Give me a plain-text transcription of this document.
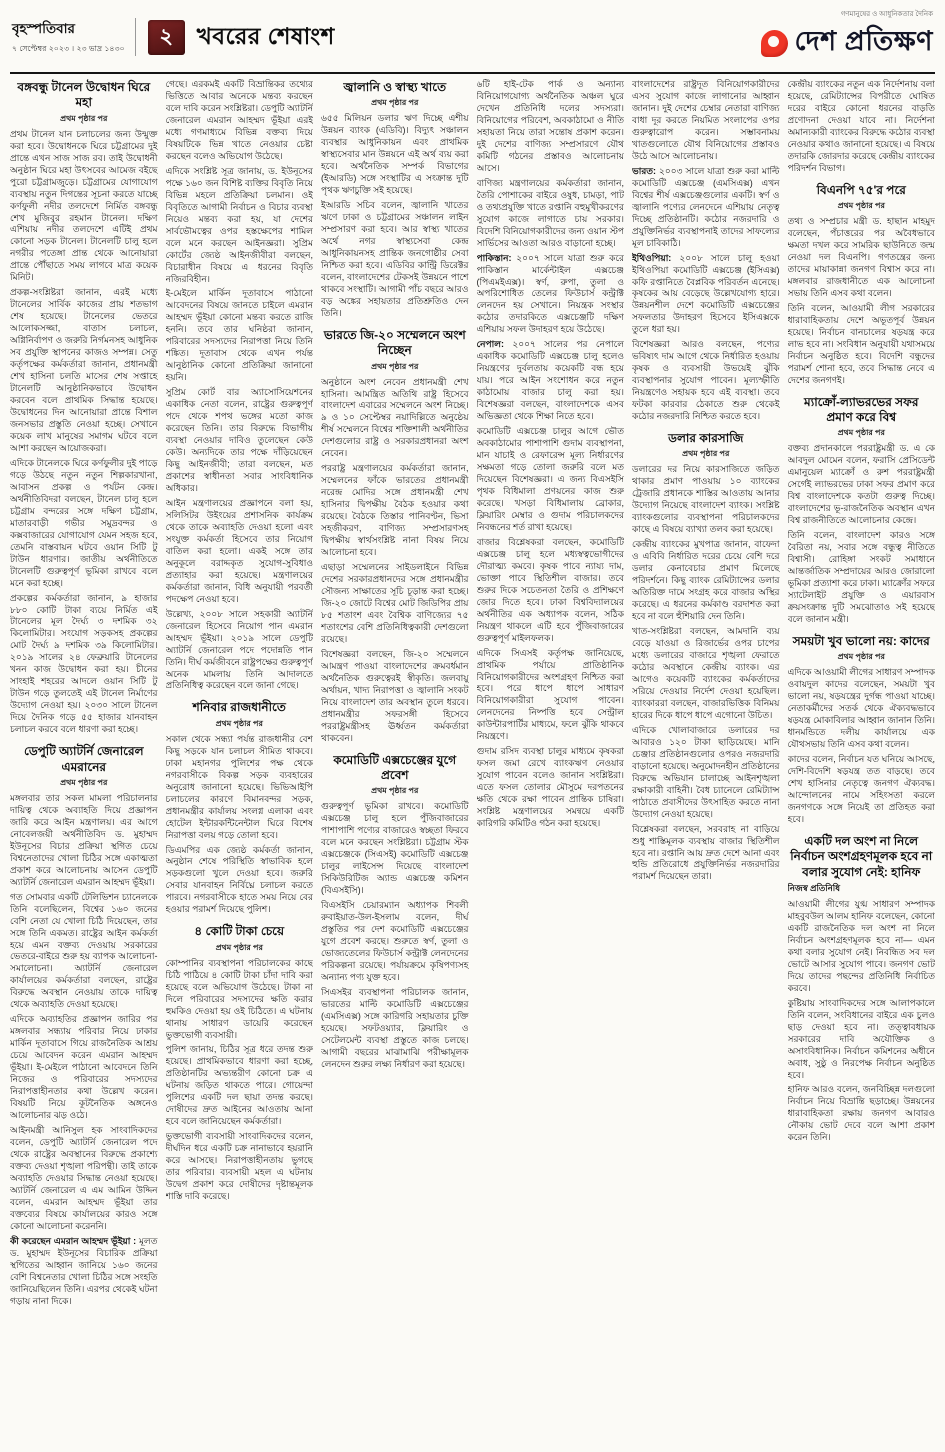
বৃহস্পতিবার
৭ সেপ্টেম্বর ২০২৩ । ২৩ ভাদ্র ১৪৩০
২ খবরের শেষাংশ
গণমানুষের ও আধুনিকতার দৈনিক
দেশ প্রতিক্ষণ
বঙ্গবন্ধু টানেল উদ্বোধন ঘিরে মহা
প্রথম পৃষ্ঠার পর

প্রথম টানেল যান চলাচলের জন্য উন্মুক্ত করা হবে। উদ্বোধনকে ঘিরে চট্টগ্রামের দুই প্রান্তে এখন সাজ সাজ রব। তাই উদ্বোধনী অনুষ্ঠান ঘিরে মহা উৎসবের আমেজ বইছে পুরো চট্টগ্রামজুড়ে। চট্টগ্রামের যোগাযোগ ব্যবস্থায় নতুন দিগন্তের সূচনা করতে যাচ্ছে কর্ণফুলী নদীর তলদেশে নির্মিত বঙ্গবন্ধু শেখ মুজিবুর রহমান টানেল। দক্ষিণ এশিয়ায় নদীর তলদেশে এটিই প্রথম কোনো সড়ক টানেল। টানেলটি চালু হলে নগরীর পতেঙ্গা প্রান্ত থেকে আনোয়ারা প্রান্তে পৌঁছাতে সময় লাগবে মাত্র কয়েক মিনিট।

প্রকল্প-সংশ্লিষ্টরা জানান, এরই মধ্যে টানেলের সার্বিক কাজের প্রায় শতভাগ শেষ হয়েছে। টানেলের ভেতরে আলোকসজ্জা, বাতাস চলাচল, অগ্নিনির্বাপণ ও জরুরি নির্গমনসহ আধুনিক সব প্রযুক্তি স্থাপনের কাজও সম্পন্ন। সেতু কর্তৃপক্ষের কর্মকর্তারা জানান, প্রধানমন্ত্রী শেখ হাসিনা চলতি মাসের শেষ সপ্তাহে টানেলটি আনুষ্ঠানিকভাবে উদ্বোধন করবেন বলে প্রাথমিক সিদ্ধান্ত হয়েছে। উদ্বোধনের দিন আনোয়ারা প্রান্তে বিশাল জনসভার প্রস্তুতি নেওয়া হচ্ছে। সেখানে কয়েক লাখ মানুষের সমাগম ঘটবে বলে আশা করছেন আয়োজকরা।

এদিকে টানেলকে ঘিরে কর্ণফুলীর দুই পাড়ে গড়ে উঠছে নতুন নতুন শিল্পকারখানা, আবাসন প্রকল্প ও পর্যটন কেন্দ্র। অর্থনীতিবিদরা বলছেন, টানেল চালু হলে চট্টগ্রাম বন্দরের সঙ্গে দক্ষিণ চট্টগ্রাম, মাতারবাড়ী গভীর সমুদ্রবন্দর ও কক্সবাজারের যোগাযোগ যেমন সহজ হবে, তেমনি বাস্তবায়ন ঘটবে ওয়ান সিটি টু টাউন ধারণার। জাতীয় অর্থনীতিতে টানেলটি গুরুত্বপূর্ণ ভূমিকা রাখবে বলে মনে করা হচ্ছে।

প্রকল্পের কর্মকর্তারা জানান, ৯ হাজার ৮৮০ কোটি টাকা ব্যয়ে নির্মিত এই টানেলের মূল দৈর্ঘ্য ৩ দশমিক ৩২ কিলোমিটার। সংযোগ সড়কসহ প্রকল্পের মোট দৈর্ঘ্য ৯ দশমিক ৩৯ কিলোমিটার। ২০১৯ সালের ২৪ ফেব্রুয়ারি টানেলের খনন কাজ উদ্বোধন করা হয়। চীনের সাংহাই শহরের আদলে ওয়ান সিটি টু টাউন গড়ে তুলতেই এই টানেল নির্মাণের উদ্যোগ নেওয়া হয়। ২০৩০ সালে টানেল দিয়ে দৈনিক গড়ে ৫৫ হাজার যানবাহন চলাচল করবে বলে ধারণা করা হচ্ছে।

ডেপুটি অ্যাটর্নি জেনারেল এমরানের
প্রথম পৃষ্ঠার পর

মঙ্গলবার তার সকল মামলা পরিচালনার দায়িত্ব থেকে অব্যাহতি দিয়ে প্রজ্ঞাপন জারি করে আইন মন্ত্রণালয়। এর আগে নোবেলজয়ী অর্থনীতিবিদ ড. মুহাম্মদ ইউনূসের বিচার প্রক্রিয়া স্থগিত চেয়ে বিশ্বনেতাদের খোলা চিঠির সঙ্গে একাত্মতা প্রকাশ করে আলোচনায় আসেন ডেপুটি অ্যাটর্নি জেনারেল এমরান আহম্মদ ভূঁইয়া।

গত সোমবার একটি টেলিভিশন চ্যানেলকে তিনি বলেছিলেন, বিশ্বের ১৬০ জনের বেশি নেতা যে খোলা চিঠি দিয়েছেন, তার সঙ্গে তিনি একমত। রাষ্ট্রের আইন কর্মকর্তা হয়ে এমন বক্তব্য দেওয়ায় সরকারের ভেতরে-বাইরে শুরু হয় ব্যাপক আলোচনা-সমালোচনা। অ্যাটর্নি জেনারেল কার্যালয়ের কর্মকর্তারা বলছেন, রাষ্ট্রের বিরুদ্ধে অবস্থান নেওয়ায় তাকে দায়িত্ব থেকে অব্যাহতি দেওয়া হয়েছে।

এদিকে অব্যাহতির প্রজ্ঞাপন জারির পর মঙ্গলবার সন্ধ্যায় পরিবার নিয়ে ঢাকার মার্কিন দূতাবাসে গিয়ে রাজনৈতিক আশ্রয় চেয়ে আবেদন করেন এমরান আহম্মদ ভূঁইয়া। ই-মেইলে পাঠানো আবেদনে তিনি নিজের ও পরিবারের সদস্যদের নিরাপত্তাহীনতার কথা উল্লেখ করেন। বিষয়টি নিয়ে কূটনৈতিক অঙ্গনেও আলোচনার ঝড় ওঠে।

আইনমন্ত্রী আনিসুল হক সাংবাদিকদের বলেন, ডেপুটি অ্যাটর্নি জেনারেল পদে থেকে রাষ্ট্রের অবস্থানের বিরুদ্ধে প্রকাশ্যে বক্তব্য দেওয়া শৃঙ্খলা পরিপন্থী। তাই তাকে অব্যাহতি দেওয়ার সিদ্ধান্ত নেওয়া হয়েছে। অ্যাটর্নি জেনারেল এ এম আমিন উদ্দিন বলেন, এমরান আহম্মদ ভূঁইয়া তার বক্তব্যের বিষয়ে কার্যালয়ের কারও সঙ্গে কোনো আলোচনা করেননি।

কী করেছেন এমরান আহম্মদ ভূঁইয়া : মূলত ড. মুহাম্মদ ইউনূসের বিচারিক প্রক্রিয়া স্থগিতের আহ্বান জানিয়ে ১৬০ জনের বেশি বিশ্বনেতার খোলা চিঠির সঙ্গে সংহতি জানিয়েছিলেন তিনি। এরপর থেকেই ঘটনা গড়ায় নানা দিকে।

গেছে। এরকমই একটি বিভ্রান্তিকর তথ্যের ভিত্তিতে আবার অনেকে মন্তব্য করছেন বলে দাবি করেন সংশ্লিষ্টরা। ডেপুটি অ্যাটর্নি জেনারেল এমরান আহম্মদ ভূঁইয়া এরই মধ্যে গণমাধ্যমে বিভিন্ন বক্তব্য দিয়ে বিষয়টিকে ভিন্ন খাতে নেওয়ার চেষ্টা করছেন বলেও অভিযোগ উঠেছে।

এদিকে সংশ্লিষ্ট সূত্র জানায়, ড. ইউনূসের পক্ষে ১৬০ জন বিশিষ্ট ব্যক্তির বিবৃতি নিয়ে বিভিন্ন মহলে প্রতিক্রিয়া চলমান। ওই বিবৃতিতে আগামী নির্বাচন ও বিচার ব্যবস্থা নিয়েও মন্তব্য করা হয়, যা দেশের সার্বভৌমত্বের ওপর হস্তক্ষেপের শামিল বলে মনে করছেন আইনজ্ঞরা। সুপ্রিম কোর্টের জ্যেষ্ঠ আইনজীবীরা বলছেন, বিচারাধীন বিষয়ে এ ধরনের বিবৃতি নজিরবিহীন।

ই-মেইলে মার্কিন দূতাবাসে পাঠানো আবেদনের বিষয়ে জানতে চাইলে এমরান আহম্মদ ভূঁইয়া কোনো মন্তব্য করতে রাজি হননি। তবে তার ঘনিষ্ঠরা জানান, পরিবারের সদস্যদের নিরাপত্তা নিয়ে তিনি শঙ্কিত। দূতাবাস থেকে এখন পর্যন্ত আনুষ্ঠানিক কোনো প্রতিক্রিয়া জানানো হয়নি।

সুপ্রিম কোর্ট বার অ্যাসোসিয়েশনের একাধিক নেতা বলেন, রাষ্ট্রের গুরুত্বপূর্ণ পদে থেকে শপথ ভঙ্গের মতো কাজ করেছেন তিনি। তার বিরুদ্ধে বিভাগীয় ব্যবস্থা নেওয়ার দাবিও তুলেছেন কেউ কেউ। অন্যদিকে তার পক্ষে দাঁড়িয়েছেন কিছু আইনজীবী; তারা বলছেন, মত প্রকাশের স্বাধীনতা সবার সাংবিধানিক অধিকার।

আইন মন্ত্রণালয়ের প্রজ্ঞাপনে বলা হয়, সলিসিটর উইংয়ের প্রশাসনিক কার্যক্রম থেকে তাকে অব্যাহতি দেওয়া হলো এবং সংযুক্ত কর্মকর্তা হিসেবে তার নিয়োগ বাতিল করা হলো। একই সঙ্গে তার অনুকূলে বরাদ্দকৃত সুযোগ-সুবিধাও প্রত্যাহার করা হয়েছে। মন্ত্রণালয়ের কর্মকর্তারা জানান, বিধি অনুযায়ী পরবর্তী পদক্ষেপ নেওয়া হবে।

উল্লেখ্য, ২০০৮ সালে সহকারী অ্যাটর্নি জেনারেল হিসেবে নিয়োগ পান এমরান আহম্মদ ভূঁইয়া। ২০১৯ সালে ডেপুটি অ্যাটর্নি জেনারেল পদে পদোন্নতি পান তিনি। দীর্ঘ কর্মজীবনে রাষ্ট্রপক্ষের গুরুত্বপূর্ণ অনেক মামলায় তিনি আদালতে প্রতিনিধিত্ব করেছেন বলে জানা গেছে।

শনিবার রাজধানীতে
প্রথম পৃষ্ঠার পর

সকাল থেকে সন্ধ্যা পর্যন্ত রাজধানীর বেশ কিছু সড়কে যান চলাচল সীমিত থাকবে। ঢাকা মহানগর পুলিশের পক্ষ থেকে নগরবাসীকে বিকল্প সড়ক ব্যবহারের অনুরোধ জানানো হয়েছে। ভিভিআইপি চলাচলের কারণে বিমানবন্দর সড়ক, প্রধানমন্ত্রীর কার্যালয় সংলগ্ন এলাকা এবং হোটেল ইন্টারকন্টিনেন্টাল ঘিরে বিশেষ নিরাপত্তা বলয় গড়ে তোলা হবে।

ডিএমপির এক জ্যেষ্ঠ কর্মকর্তা জানান, অনুষ্ঠান শেষে পরিস্থিতি স্বাভাবিক হলে সড়কগুলো খুলে দেওয়া হবে। জরুরি সেবার যানবাহন নির্বিঘ্নে চলাচল করতে পারবে। নগরবাসীকে হাতে সময় নিয়ে বের হওয়ার পরামর্শ দিয়েছে পুলিশ।

৪ কোটি টাকা চেয়ে
প্রথম পৃষ্ঠার পর

কোম্পানির ব্যবস্থাপনা পরিচালকের কাছে চিঠি পাঠিয়ে ৪ কোটি টাকা চাঁদা দাবি করা হয়েছে বলে অভিযোগ উঠেছে। টাকা না দিলে পরিবারের সদস্যদের ক্ষতি করার হুমকিও দেওয়া হয় ওই চিঠিতে। এ ঘটনায় থানায় সাধারণ ডায়েরি করেছেন ভুক্তভোগী ব্যবসায়ী।

পুলিশ জানায়, চিঠির সূত্র ধরে তদন্ত শুরু হয়েছে। প্রাথমিকভাবে ধারণা করা হচ্ছে, প্রতিষ্ঠানটির অভ্যন্তরীণ কোনো চক্র এ ঘটনায় জড়িত থাকতে পারে। গোয়েন্দা পুলিশের একটি দল ছায়া তদন্ত করছে। দোষীদের দ্রুত আইনের আওতায় আনা হবে বলে জানিয়েছেন কর্মকর্তারা।

ভুক্তভোগী ব্যবসায়ী সাংবাদিকদের বলেন, দীর্ঘদিন ধরে একটি চক্র নানাভাবে হয়রানি করে আসছে। নিরাপত্তাহীনতায় ভুগছে তার পরিবার। ব্যবসায়ী মহল এ ঘটনায় উদ্বেগ প্রকাশ করে দোষীদের দৃষ্টান্তমূলক শাস্তি দাবি করেছে।

জ্বালানি ও স্বাস্থ্য খাতে
প্রথম পৃষ্ঠার পর

৬৫৫ মিলিয়ন ডলার ঋণ দিচ্ছে এশীয় উন্নয়ন ব্যাংক (এডিবি)। বিদ্যুৎ সঞ্চালন ব্যবস্থার আধুনিকায়ন এবং প্রাথমিক স্বাস্থ্যসেবার মান উন্নয়নে এই অর্থ ব্যয় করা হবে। অর্থনৈতিক সম্পর্ক বিভাগের (ইআরডি) সঙ্গে সংস্থাটির এ সংক্রান্ত দুটি পৃথক ঋণচুক্তি সই হয়েছে।

ইআরডি সচিব বলেন, জ্বালানি খাতের ঋণে ঢাকা ও চট্টগ্রামের সঞ্চালন লাইন সম্প্রসারণ করা হবে। আর স্বাস্থ্য খাতের অর্থে নগর স্বাস্থ্যসেবা কেন্দ্র আধুনিকায়নসহ প্রান্তিক জনগোষ্ঠীর সেবা নিশ্চিত করা হবে। এডিবির কান্ট্রি ডিরেক্টর বলেন, বাংলাদেশের টেকসই উন্নয়নে পাশে থাকবে সংস্থাটি। আগামী পাঁচ বছরে আরও বড় অঙ্কের সহায়তার প্রতিশ্রুতিও দেন তিনি।

ভারতে জি-২০ সম্মেলনে অংশ নিচ্ছেন
প্রথম পৃষ্ঠার পর

অনুষ্ঠানে অংশ নেবেন প্রধানমন্ত্রী শেখ হাসিনা। আমন্ত্রিত অতিথি রাষ্ট্র হিসেবে বাংলাদেশ এবারের সম্মেলনে অংশ নিচ্ছে। ৯ ও ১০ সেপ্টেম্বর নয়াদিল্লিতে অনুষ্ঠেয় শীর্ষ সম্মেলনে বিশ্বের শক্তিশালী অর্থনীতির দেশগুলোর রাষ্ট্র ও সরকারপ্রধানরা অংশ নেবেন।

পররাষ্ট্র মন্ত্রণালয়ের কর্মকর্তারা জানান, সম্মেলনের ফাঁকে ভারতের প্রধানমন্ত্রী নরেন্দ্র মোদির সঙ্গে প্রধানমন্ত্রী শেখ হাসিনার দ্বিপক্ষীয় বৈঠক হওয়ার কথা রয়েছে। বৈঠকে তিস্তার পানিবণ্টন, ভিসা সহজীকরণ, বাণিজ্য সম্প্রসারণসহ দ্বিপক্ষীয় স্বার্থসংশ্লিষ্ট নানা বিষয় নিয়ে আলোচনা হবে।

এছাড়া সম্মেলনের সাইডলাইনে বিভিন্ন দেশের সরকারপ্রধানদের সঙ্গে প্রধানমন্ত্রীর সৌজন্য সাক্ষাতের সূচি চূড়ান্ত করা হচ্ছে। জি-২০ জোটে বিশ্বের মোট জিডিপির প্রায় ৮৫ শতাংশ এবং বৈশ্বিক বাণিজ্যের ৭৫ শতাংশের বেশি প্রতিনিধিত্বকারী দেশগুলো রয়েছে।

বিশেষজ্ঞরা বলছেন, জি-২০ সম্মেলনে আমন্ত্রণ পাওয়া বাংলাদেশের ক্রমবর্ধমান অর্থনৈতিক গুরুত্বেরই স্বীকৃতি। জলবায়ু অর্থায়ন, খাদ্য নিরাপত্তা ও জ্বালানি সংকট নিয়ে বাংলাদেশ তার অবস্থান তুলে ধরবে। প্রধানমন্ত্রীর সফরসঙ্গী হিসেবে পররাষ্ট্রমন্ত্রীসহ ঊর্ধ্বতন কর্মকর্তারা থাকবেন।

কমোডিটি এক্সচেঞ্জের যুগে প্রবেশ
প্রথম পৃষ্ঠার পর

গুরুত্বপূর্ণ ভূমিকা রাখবে। কমোডিটি এক্সচেঞ্জ চালু হলে পুঁজিবাজারের পাশাপাশি পণ্যের বাজারেও স্বচ্ছতা ফিরবে বলে মনে করছেন সংশ্লিষ্টরা। চট্টগ্রাম স্টক এক্সচেঞ্জকে (সিএসই) কমোডিটি এক্সচেঞ্জ চালুর লাইসেন্স দিয়েছে বাংলাদেশ সিকিউরিটিজ অ্যান্ড এক্সচেঞ্জ কমিশন (বিএসইসি)।

বিএসইসি চেয়ারম্যান অধ্যাপক শিবলী রুবাইয়াত-উল-ইসলাম বলেন, দীর্ঘ প্রস্তুতির পর দেশ কমোডিটি এক্সচেঞ্জের যুগে প্রবেশ করছে। শুরুতে স্বর্ণ, তুলা ও ভোজ্যতেলের ফিউচার্স কন্ট্রাক্ট লেনদেনের পরিকল্পনা রয়েছে। পর্যায়ক্রমে কৃষিপণ্যসহ অন্যান্য পণ্য যুক্ত হবে।

সিএসইর ব্যবস্থাপনা পরিচালক জানান, ভারতের মাল্টি কমোডিটি এক্সচেঞ্জের (এমসিএক্স) সঙ্গে কারিগরি সহায়তার চুক্তি হয়েছে। সফটওয়্যার, ক্লিয়ারিং ও সেটেলমেন্ট ব্যবস্থা প্রস্তুতে কাজ চলছে। আগামী বছরের মাঝামাঝি পরীক্ষামূলক লেনদেন শুরুর লক্ষ্য নির্ধারণ করা হয়েছে।

৬টি হাই-টেক পার্ক ও অন্যান্য বিনিয়োগযোগ্য অর্থনৈতিক অঞ্চল ঘুরে দেখেন প্রতিনিধি দলের সদস্যরা। বিনিয়োগের পরিবেশ, অবকাঠামো ও নীতি সহায়তা নিয়ে তারা সন্তোষ প্রকাশ করেন। দুই দেশের বাণিজ্য সম্প্রসারণে যৌথ কমিটি গঠনের প্রস্তাবও আলোচনায় আসে।

বাণিজ্য মন্ত্রণালয়ের কর্মকর্তারা জানান, তৈরি পোশাকের বাইরে ওষুধ, চামড়া, পাট ও তথ্যপ্রযুক্তি খাতে রপ্তানি বহুমুখীকরণের সুযোগ কাজে লাগাতে চায় সরকার। বিদেশি বিনিয়োগকারীদের জন্য ওয়ান স্টপ সার্ভিসের আওতা আরও বাড়ানো হচ্ছে।

পাকিস্তান: ২০০৭ সালে যাত্রা শুরু করে পাকিস্তান মার্কেন্টাইল এক্সচেঞ্জ (পিএমইএক্স)। স্বর্ণ, রুপা, তুলা ও অপরিশোধিত তেলের ফিউচার্স কন্ট্রাক্ট লেনদেন হয় সেখানে। নিয়ন্ত্রক সংস্থার কঠোর তদারকিতে এক্সচেঞ্জটি দক্ষিণ এশিয়ায় সফল উদাহরণ হয়ে উঠেছে।

নেপাল: ২০০৭ সালের পর নেপালে একাধিক কমোডিটি এক্সচেঞ্জ চালু হলেও নিয়ন্ত্রণের দুর্বলতায় কয়েকটি বন্ধ হয়ে যায়। পরে আইন সংশোধন করে নতুন কাঠামোয় বাজার চালু করা হয়। বিশেষজ্ঞরা বলছেন, বাংলাদেশকে এসব অভিজ্ঞতা থেকে শিক্ষা নিতে হবে।

কমোডিটি এক্সচেঞ্জ চালুর আগে ভৌত অবকাঠামোর পাশাপাশি গুদাম ব্যবস্থাপনা, মান যাচাই ও রেফারেন্স মূল্য নির্ধারণের সক্ষমতা গড়ে তোলা জরুরি বলে মত দিয়েছেন বিশেষজ্ঞরা। এ জন্য বিএসইসি পৃথক বিধিমালা প্রণয়নের কাজ শুরু করেছে। খসড়া বিধিমালায় ব্রোকার, ক্লিয়ারিং মেম্বার ও গুদাম পরিচালকদের নিবন্ধনের শর্ত রাখা হয়েছে।

বাজার বিশ্লেষকরা বলছেন, কমোডিটি এক্সচেঞ্জ চালু হলে মধ্যস্বত্বভোগীদের দৌরাত্ম্য কমবে। কৃষক পাবে ন্যায্য দাম, ভোক্তা পাবে স্থিতিশীল বাজার। তবে শুরুর দিকে সচেতনতা তৈরি ও প্রশিক্ষণে জোর দিতে হবে। ঢাকা বিশ্ববিদ্যালয়ের অর্থনীতির এক অধ্যাপক বলেন, সঠিক নিয়ন্ত্রণ থাকলে এটি হবে পুঁজিবাজারের গুরুত্বপূর্ণ মাইলফলক।

এদিকে সিএসই কর্তৃপক্ষ জানিয়েছে, প্রাথমিক পর্যায়ে প্রাতিষ্ঠানিক বিনিয়োগকারীদের অংশগ্রহণ নিশ্চিত করা হবে। পরে ধাপে ধাপে সাধারণ বিনিয়োগকারীরা সুযোগ পাবেন। লেনদেনের নিষ্পত্তি হবে সেন্ট্রাল কাউন্টারপার্টির মাধ্যমে, ফলে ঝুঁকি থাকবে নিয়ন্ত্রণে।

গুদাম রসিদ ব্যবস্থা চালুর মাধ্যমে কৃষকরা ফসল জমা রেখে ব্যাংকঋণ নেওয়ার সুযোগ পাবেন বলেও জানান সংশ্লিষ্টরা। এতে ফসল তোলার মৌসুমে দরপতনের ক্ষতি থেকে রক্ষা পাবেন প্রান্তিক চাষিরা। সংশ্লিষ্ট মন্ত্রণালয়ের সমন্বয়ে একটি কারিগরি কমিটিও গঠন করা হয়েছে।

বাংলাদেশের রাষ্ট্রদূত বিনিয়োগকারীদের এসব সুযোগ কাজে লাগানোর আহ্বান জানান। দুই দেশের চেম্বার নেতারা বাণিজ্য বাধা দূর করতে নিয়মিত সংলাপের ওপর গুরুত্বারোপ করেন। সম্ভাবনাময় খাতগুলোতে যৌথ বিনিয়োগের প্রস্তাবও উঠে আসে আলোচনায়।

ভারত: ২০০৩ সালে যাত্রা শুরু করা মাল্টি কমোডিটি এক্সচেঞ্জ (এমসিএক্স) এখন বিশ্বের শীর্ষ এক্সচেঞ্জগুলোর একটি। স্বর্ণ ও জ্বালানি পণ্যের লেনদেনে এশিয়ায় নেতৃত্ব দিচ্ছে প্রতিষ্ঠানটি। কঠোর নজরদারি ও প্রযুক্তিনির্ভর ব্যবস্থাপনাই তাদের সাফল্যের মূল চাবিকাঠি।

ইথিওপিয়া: ২০০৮ সালে চালু হওয়া ইথিওপিয়া কমোডিটি এক্সচেঞ্জ (ইসিএক্স) কফি রপ্তানিতে বৈপ্লবিক পরিবর্তন এনেছে। কৃষকের আয় বেড়েছে উল্লেখযোগ্য হারে। উন্নয়নশীল দেশে কমোডিটি এক্সচেঞ্জের সফলতার উদাহরণ হিসেবে ইসিএক্সকে তুলে ধরা হয়।

বিশেষজ্ঞরা আরও বলছেন, পণ্যের ভবিষ্যৎ দাম আগে থেকে নির্ধারিত হওয়ায় কৃষক ও ব্যবসায়ী উভয়েই ঝুঁকি ব্যবস্থাপনার সুযোগ পাবেন। মূল্যস্ফীতি নিয়ন্ত্রণেও সহায়ক হবে এই ব্যবস্থা। তবে ফটকা কারবার ঠেকাতে শুরু থেকেই কঠোর নজরদারি নিশ্চিত করতে হবে।

ডলার কারসাজি
প্রথম পৃষ্ঠার পর

ডলারের দর নিয়ে কারসাজিতে জড়িত থাকার প্রমাণ পাওয়ায় ১০ ব্যাংকের ট্রেজারি প্রধানকে শাস্তির আওতায় আনার উদ্যোগ নিয়েছে বাংলাদেশ ব্যাংক। সংশ্লিষ্ট ব্যাংকগুলোর ব্যবস্থাপনা পরিচালকদের কাছে এ বিষয়ে ব্যাখ্যা তলব করা হয়েছে।

কেন্দ্রীয় ব্যাংকের মুখপাত্র জানান, বাফেদা ও এবিবি নির্ধারিত দরের চেয়ে বেশি দরে ডলার কেনাবেচার প্রমাণ মিলেছে পরিদর্শনে। কিছু ব্যাংক রেমিট্যান্সের ডলার অতিরিক্ত দামে সংগ্রহ করে বাজার অস্থির করেছে। এ ধরনের কর্মকাণ্ড বরদাশত করা হবে না বলে হুঁশিয়ারি দেন তিনি।

খাত-সংশ্লিষ্টরা বলছেন, আমদানি ব্যয় বেড়ে যাওয়া ও রিজার্ভের ওপর চাপের মধ্যে ডলারের বাজারে শৃঙ্খলা ফেরাতে কঠোর অবস্থানে কেন্দ্রীয় ব্যাংক। এর আগেও কয়েকটি ব্যাংকের কর্মকর্তাদের সরিয়ে দেওয়ার নির্দেশ দেওয়া হয়েছিল। ব্যাংকাররা বলছেন, বাজারভিত্তিক বিনিময় হারের দিকে ধাপে ধাপে এগোনো উচিত।

এদিকে খোলাবাজারে ডলারের দর আবারও ১২০ টাকা ছাড়িয়েছে। মানি চেঞ্জার প্রতিষ্ঠানগুলোর ওপরও নজরদারি বাড়ানো হয়েছে। অনুমোদনহীন প্রতিষ্ঠানের বিরুদ্ধে অভিযান চালাচ্ছে আইনশৃঙ্খলা রক্ষাকারী বাহিনী। বৈধ চ্যানেলে রেমিট্যান্স পাঠাতে প্রবাসীদের উৎসাহিত করতে নানা উদ্যোগ নেওয়া হয়েছে।

বিশ্লেষকরা বলছেন, সরবরাহ না বাড়িয়ে শুধু শাস্তিমূলক ব্যবস্থায় বাজার স্থিতিশীল হবে না। রপ্তানি আয় দ্রুত দেশে আনা এবং হুন্ডি প্রতিরোধে প্রযুক্তিনির্ভর নজরদারির পরামর্শ দিয়েছেন তারা।

কেন্দ্রীয় ব্যাংকের নতুন এক নির্দেশনায় বলা হয়েছে, রেমিট্যান্সের বিপরীতে ঘোষিত দরের বাইরে কোনো ধরনের বাড়তি প্রণোদনা দেওয়া যাবে না। নির্দেশনা অমান্যকারী ব্যাংকের বিরুদ্ধে কঠোর ব্যবস্থা নেওয়ার কথাও জানানো হয়েছে। এ বিষয়ে তদারকি জোরদার করেছে কেন্দ্রীয় ব্যাংকের পরিদর্শন বিভাগ।

বিএনপি ৭৫'র পরে
প্রথম পৃষ্ঠার পর

তথ্য ও সম্প্রচার মন্ত্রী ড. হাছান মাহমুদ বলেছেন, পঁচাত্তরের পর অবৈধভাবে ক্ষমতা দখল করে সামরিক ছাউনিতে জন্ম নেওয়া দল বিএনপি। গণতন্ত্রের জন্য তাদের মায়াকান্না জনগণ বিশ্বাস করে না। মঙ্গলবার রাজধানীতে এক আলোচনা সভায় তিনি এসব কথা বলেন।

তিনি বলেন, আওয়ামী লীগ সরকারের ধারাবাহিকতায় দেশে অভূতপূর্ব উন্নয়ন হয়েছে। নির্বাচন বানচালের ষড়যন্ত্র করে লাভ হবে না। সংবিধান অনুযায়ী যথাসময়ে নির্বাচন অনুষ্ঠিত হবে। বিদেশি বন্ধুদের পরামর্শ শোনা হবে, তবে সিদ্ধান্ত নেবে এ দেশের জনগণই।

ম্যাক্রোঁ-ল্যাভরভের সফর প্রমাণ করে বিশ্ব
প্রথম পৃষ্ঠার পর

বক্তব্য প্রদানকালে পররাষ্ট্রমন্ত্রী ড. এ কে আবদুল মোমেন বলেন, ফরাসি প্রেসিডেন্ট এমানুয়েল ম্যাক্রোঁ ও রুশ পররাষ্ট্রমন্ত্রী সের্গেই ল্যাভরভের ঢাকা সফর প্রমাণ করে বিশ্ব বাংলাদেশকে কতটা গুরুত্ব দিচ্ছে। বাংলাদেশের ভূ-রাজনৈতিক অবস্থান এখন বিশ্ব রাজনীতিতে আলোচনার কেন্দ্রে।

তিনি বলেন, বাংলাদেশ কারও সঙ্গে বৈরিতা নয়, সবার সঙ্গে বন্ধুত্ব নীতিতে বিশ্বাসী। রোহিঙ্গা সংকট সমাধানে আন্তর্জাতিক সম্প্রদায়ের আরও জোরালো ভূমিকা প্রত্যাশা করে ঢাকা। ম্যাক্রোঁর সফরে স্যাটেলাইট প্রযুক্তি ও এয়ারবাস ক্রয়সংক্রান্ত দুটি সমঝোতাও সই হয়েছে বলে জানান মন্ত্রী।

সময়টা খুব ভালো নয়: কাদের
প্রথম পৃষ্ঠার পর

এদিকে আওয়ামী লীগের সাধারণ সম্পাদক ওবায়দুল কাদের বলেছেন, সময়টা খুব ভালো নয়, ষড়যন্ত্রের দুর্গন্ধ পাওয়া যাচ্ছে। নেতাকর্মীদের সতর্ক থেকে ঐক্যবদ্ধভাবে ষড়যন্ত্র মোকাবিলার আহ্বান জানান তিনি। ধানমন্ডিতে দলীয় কার্যালয়ে এক যৌথসভায় তিনি এসব কথা বলেন।

কাদের বলেন, নির্বাচন যত ঘনিয়ে আসছে, দেশি-বিদেশি ষড়যন্ত্র তত বাড়ছে। তবে শেখ হাসিনার নেতৃত্বে জনগণ ঐক্যবদ্ধ। আন্দোলনের নামে সহিংসতা করলে জনগণকে সঙ্গে নিয়েই তা প্রতিহত করা হবে।

একটি দল অংশ না নিলে নির্বাচন অংশগ্রহণমূলক হবে না বলার সুযোগ নেই: হানিফ
নিজস্ব প্রতিনিধি

আওয়ামী লীগের যুগ্ম সাধারণ সম্পাদক মাহবুবউল আলম হানিফ বলেছেন, কোনো একটি রাজনৈতিক দল অংশ না নিলে নির্বাচন অংশগ্রহণমূলক হবে না— এমন কথা বলার সুযোগ নেই। নিবন্ধিত সব দল ভোটে আসার সুযোগ পাবে। জনগণ ভোট দিয়ে তাদের পছন্দের প্রতিনিধি নির্বাচিত করবে।

কুষ্টিয়ায় সাংবাদিকদের সঙ্গে আলাপকালে তিনি বলেন, সংবিধানের বাইরে এক চুলও ছাড় দেওয়া হবে না। তত্ত্বাবধায়ক সরকারের দাবি অযৌক্তিক ও অসাংবিধানিক। নির্বাচন কমিশনের অধীনে অবাধ, সুষ্ঠু ও নিরপেক্ষ নির্বাচন অনুষ্ঠিত হবে।

হানিফ আরও বলেন, জনবিচ্ছিন্ন দলগুলো নির্বাচন নিয়ে বিভ্রান্তি ছড়াচ্ছে। উন্নয়নের ধারাবাহিকতা রক্ষায় জনগণ আবারও নৌকায় ভোট দেবে বলে আশা প্রকাশ করেন তিনি।
